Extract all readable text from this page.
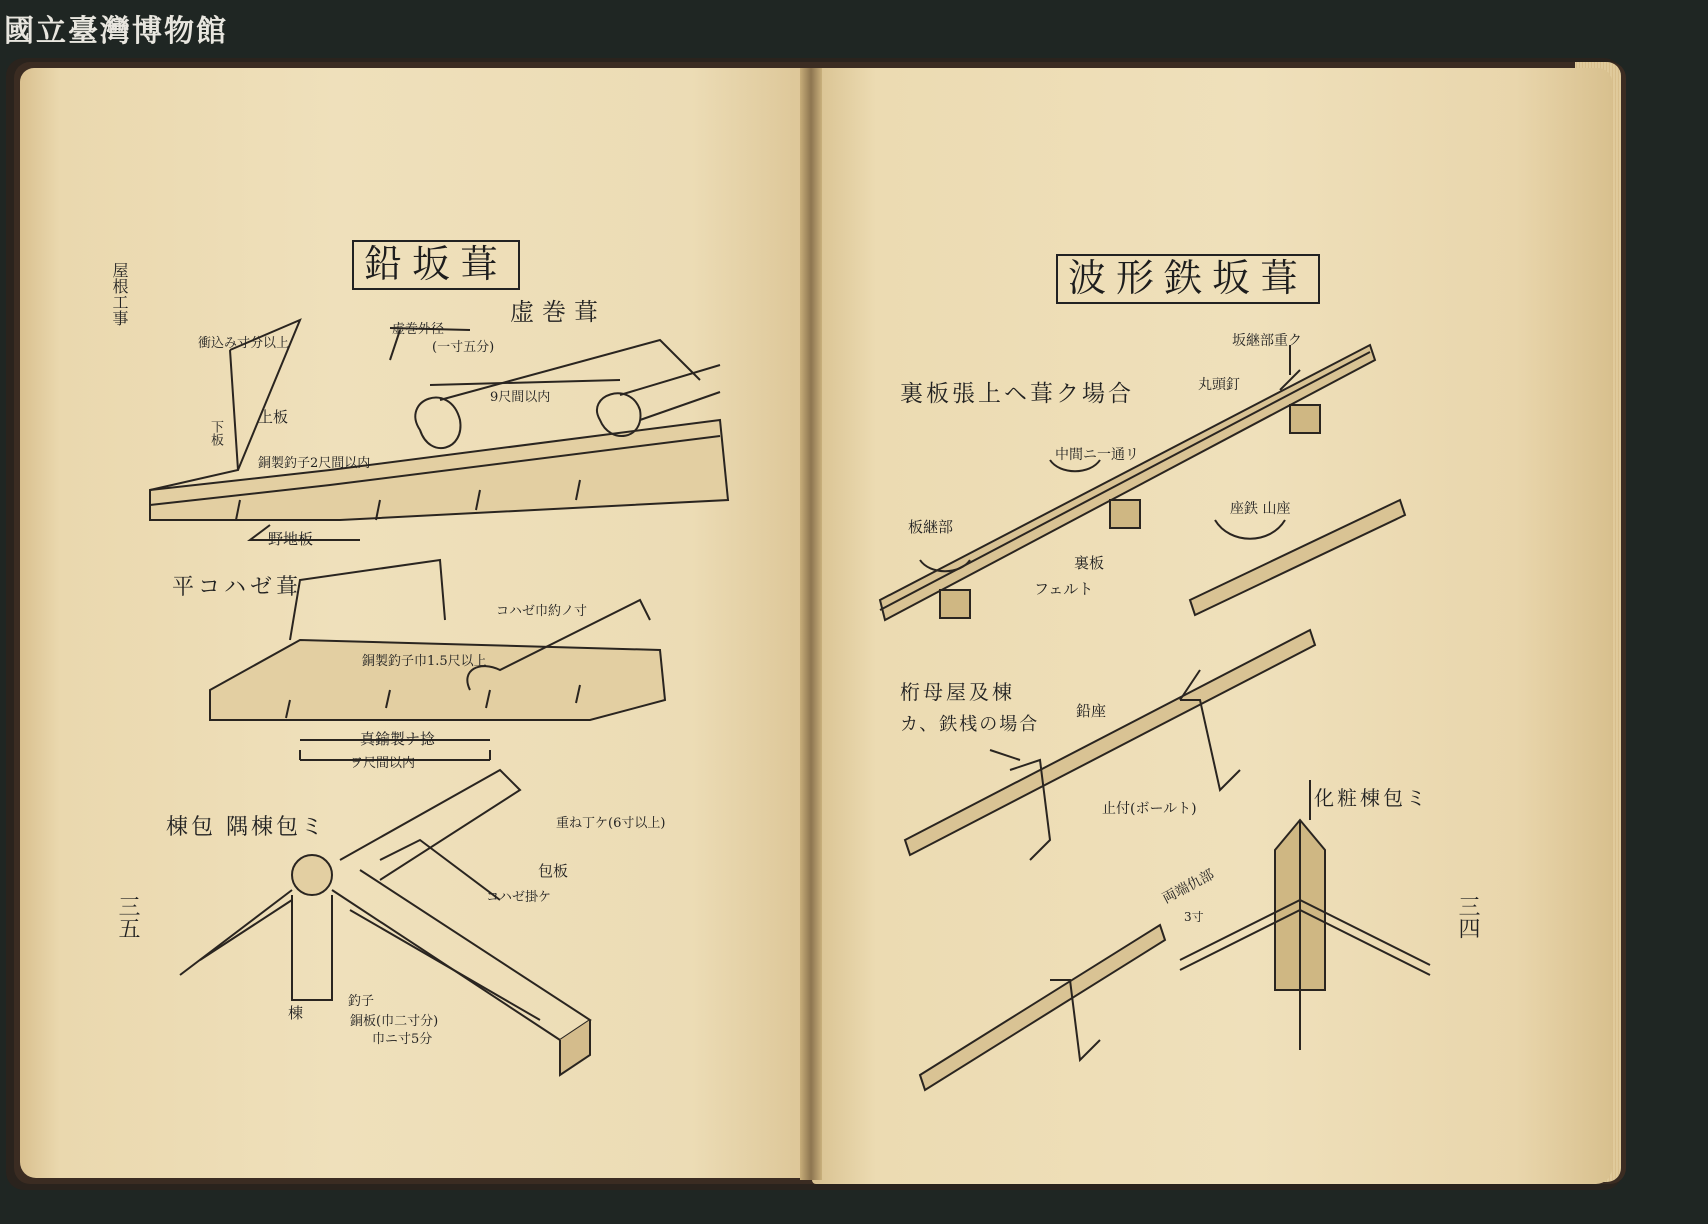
國立臺灣博物館
屋根工事
三五
鉛坂葺
虚巻葺
衝込み寸分以上
虚巻外径
(一寸五分)
9尺間以内
上板
下板
銅製釣子2尺間以内
野地板
平コハゼ葺
コハゼ巾約ノ寸
銅製釣子巾1.5尺以上
真鍮製ナ捻
ヲ尺間以内
棟包 隅棟包ミ	重ね丁ケ(6寸以上)
包板
コハゼ掛ケ
棟
釣子
銅板(巾二寸分)
巾ニ寸5分
三四
波形鉄坂葺
裏板張上ヘ葺ク場合
坂継部重ク
丸頭釘
中間ニ一通リ
板継部
裏板
フェルト
座鉄 山座
桁母屋及棟
カ、鉄桟の場合
鉛座
止付(ボールト)	化粧棟包ミ
両端仇部
3寸
